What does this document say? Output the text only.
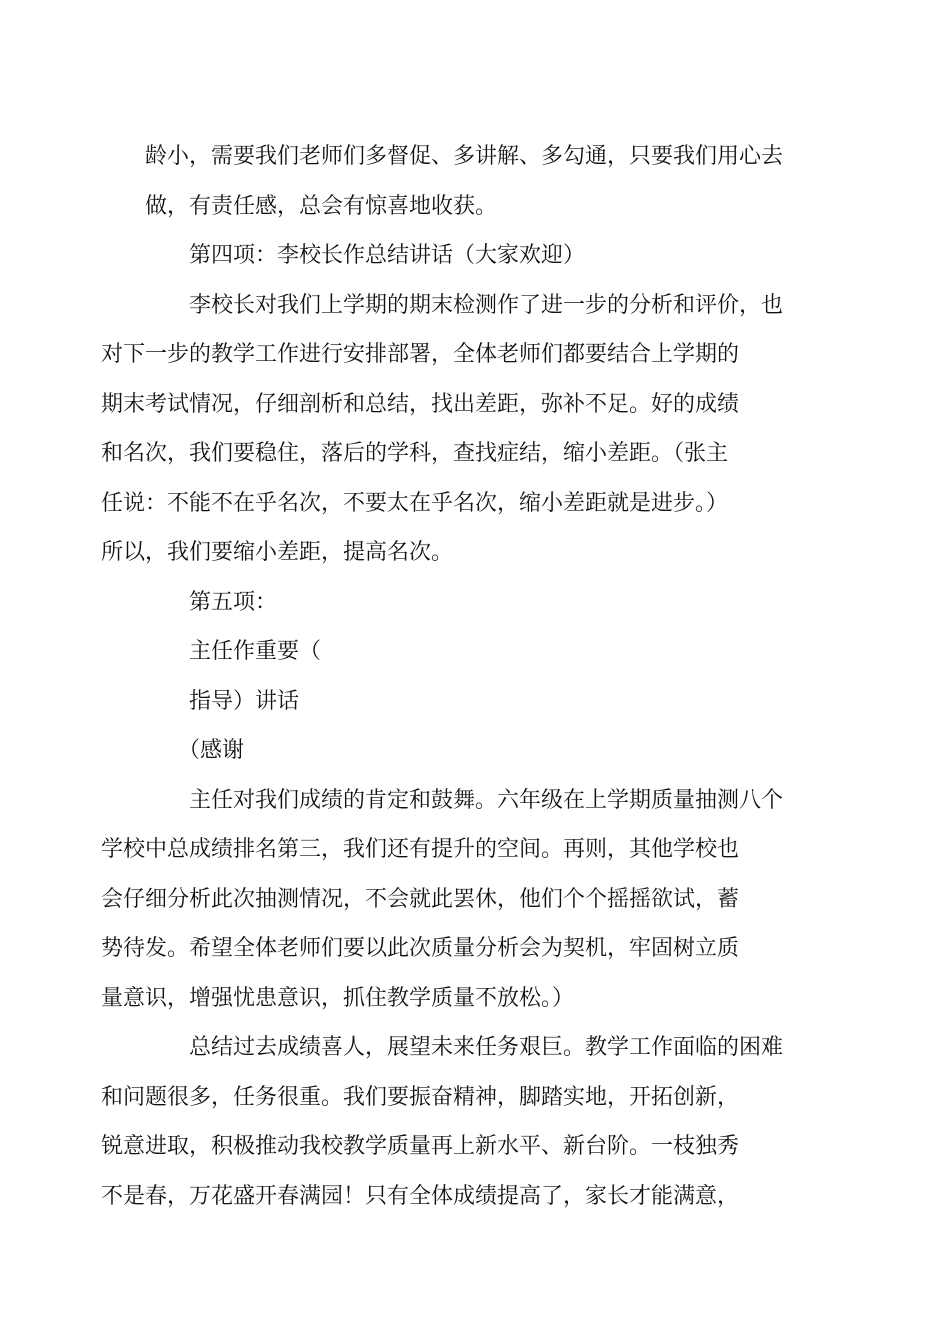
龄小，需要我们老师们多督促、多讲解、多勾通，只要我们用心去
做，有责任感，总会有惊喜地收获。

第四项：李校长作总结讲话（大家欢迎）

李校长对我们上学期的期末检测作了进一步的分析和评价，也
对下一步的教学工作进行安排部署，全体老师们都要结合上学期的
期末考试情况，仔细剖析和总结，找出差距，弥补不足。好的成绩
和名次，我们要稳住，落后的学科，查找症结，缩小差距。（张主
任说：不能不在乎名次，不要太在乎名次，缩小差距就是进步。）
所以，我们要缩小差距，提高名次。

第五项：

主任作重要（

指导）讲话

（感谢

主任对我们成绩的肯定和鼓舞。六年级在上学期质量抽测八个
学校中总成绩排名第三，我们还有提升的空间。再则，其他学校也
会仔细分析此次抽测情况，不会就此罢休，他们个个摇摇欲试，蓄
势待发。希望全体老师们要以此次质量分析会为契机，牢固树立质
量意识，增强忧患意识，抓住教学质量不放松。）

总结过去成绩喜人，展望未来任务艰巨。教学工作面临的困难
和问题很多，任务很重。我们要振奋精神，脚踏实地，开拓创新，
锐意进取，积极推动我校教学质量再上新水平、新台阶。一枝独秀
不是春，万花盛开春满园！只有全体成绩提高了，家长才能满意，
